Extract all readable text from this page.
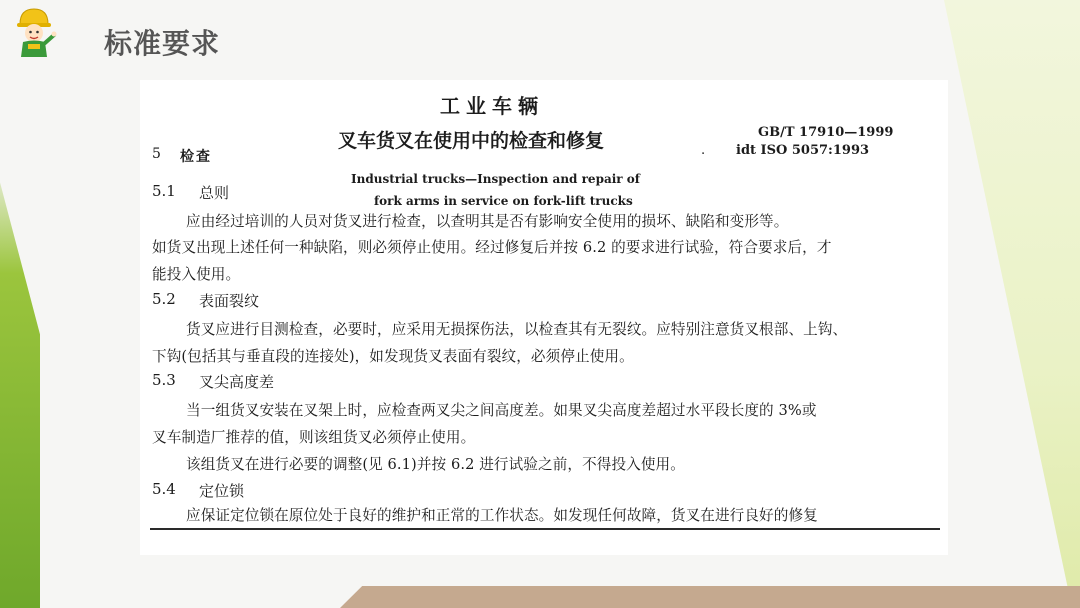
标准要求
工业车辆
叉车货叉在使用中的检查和修复	GB/T 17910—1999
. idt ISO 5057:1993
5 检查
Industrial trucks—Inspection and repair of
fork arms in service on fork-lift trucks
5.1 总则
应由经过培训的人员对货叉进行检查，以查明其是否有影响安全使用的损坏、缺陷和变形等。
如货叉出现上述任何一种缺陷，则必须停止使用。经过修复后并按 6.2 的要求进行试验，符合要求后，才
能投入使用。
5.2 表面裂纹
货叉应进行目测检查，必要时，应采用无损探伤法，以检查其有无裂纹。应特别注意货叉根部、上钩、
下钩(包括其与垂直段的连接处)，如发现货叉表面有裂纹，必须停止使用。
5.3 叉尖高度差
当一组货叉安装在叉架上时，应检查两叉尖之间高度差。如果叉尖高度差超过水平段长度的 3%或
叉车制造厂推荐的值，则该组货叉必须停止使用。
该组货叉在进行必要的调整(见 6.1)并按 6.2 进行试验之前，不得投入使用。
5.4 定位锁
应保证定位锁在原位处于良好的维护和正常的工作状态。如发现任何故障，货叉在进行良好的修复
